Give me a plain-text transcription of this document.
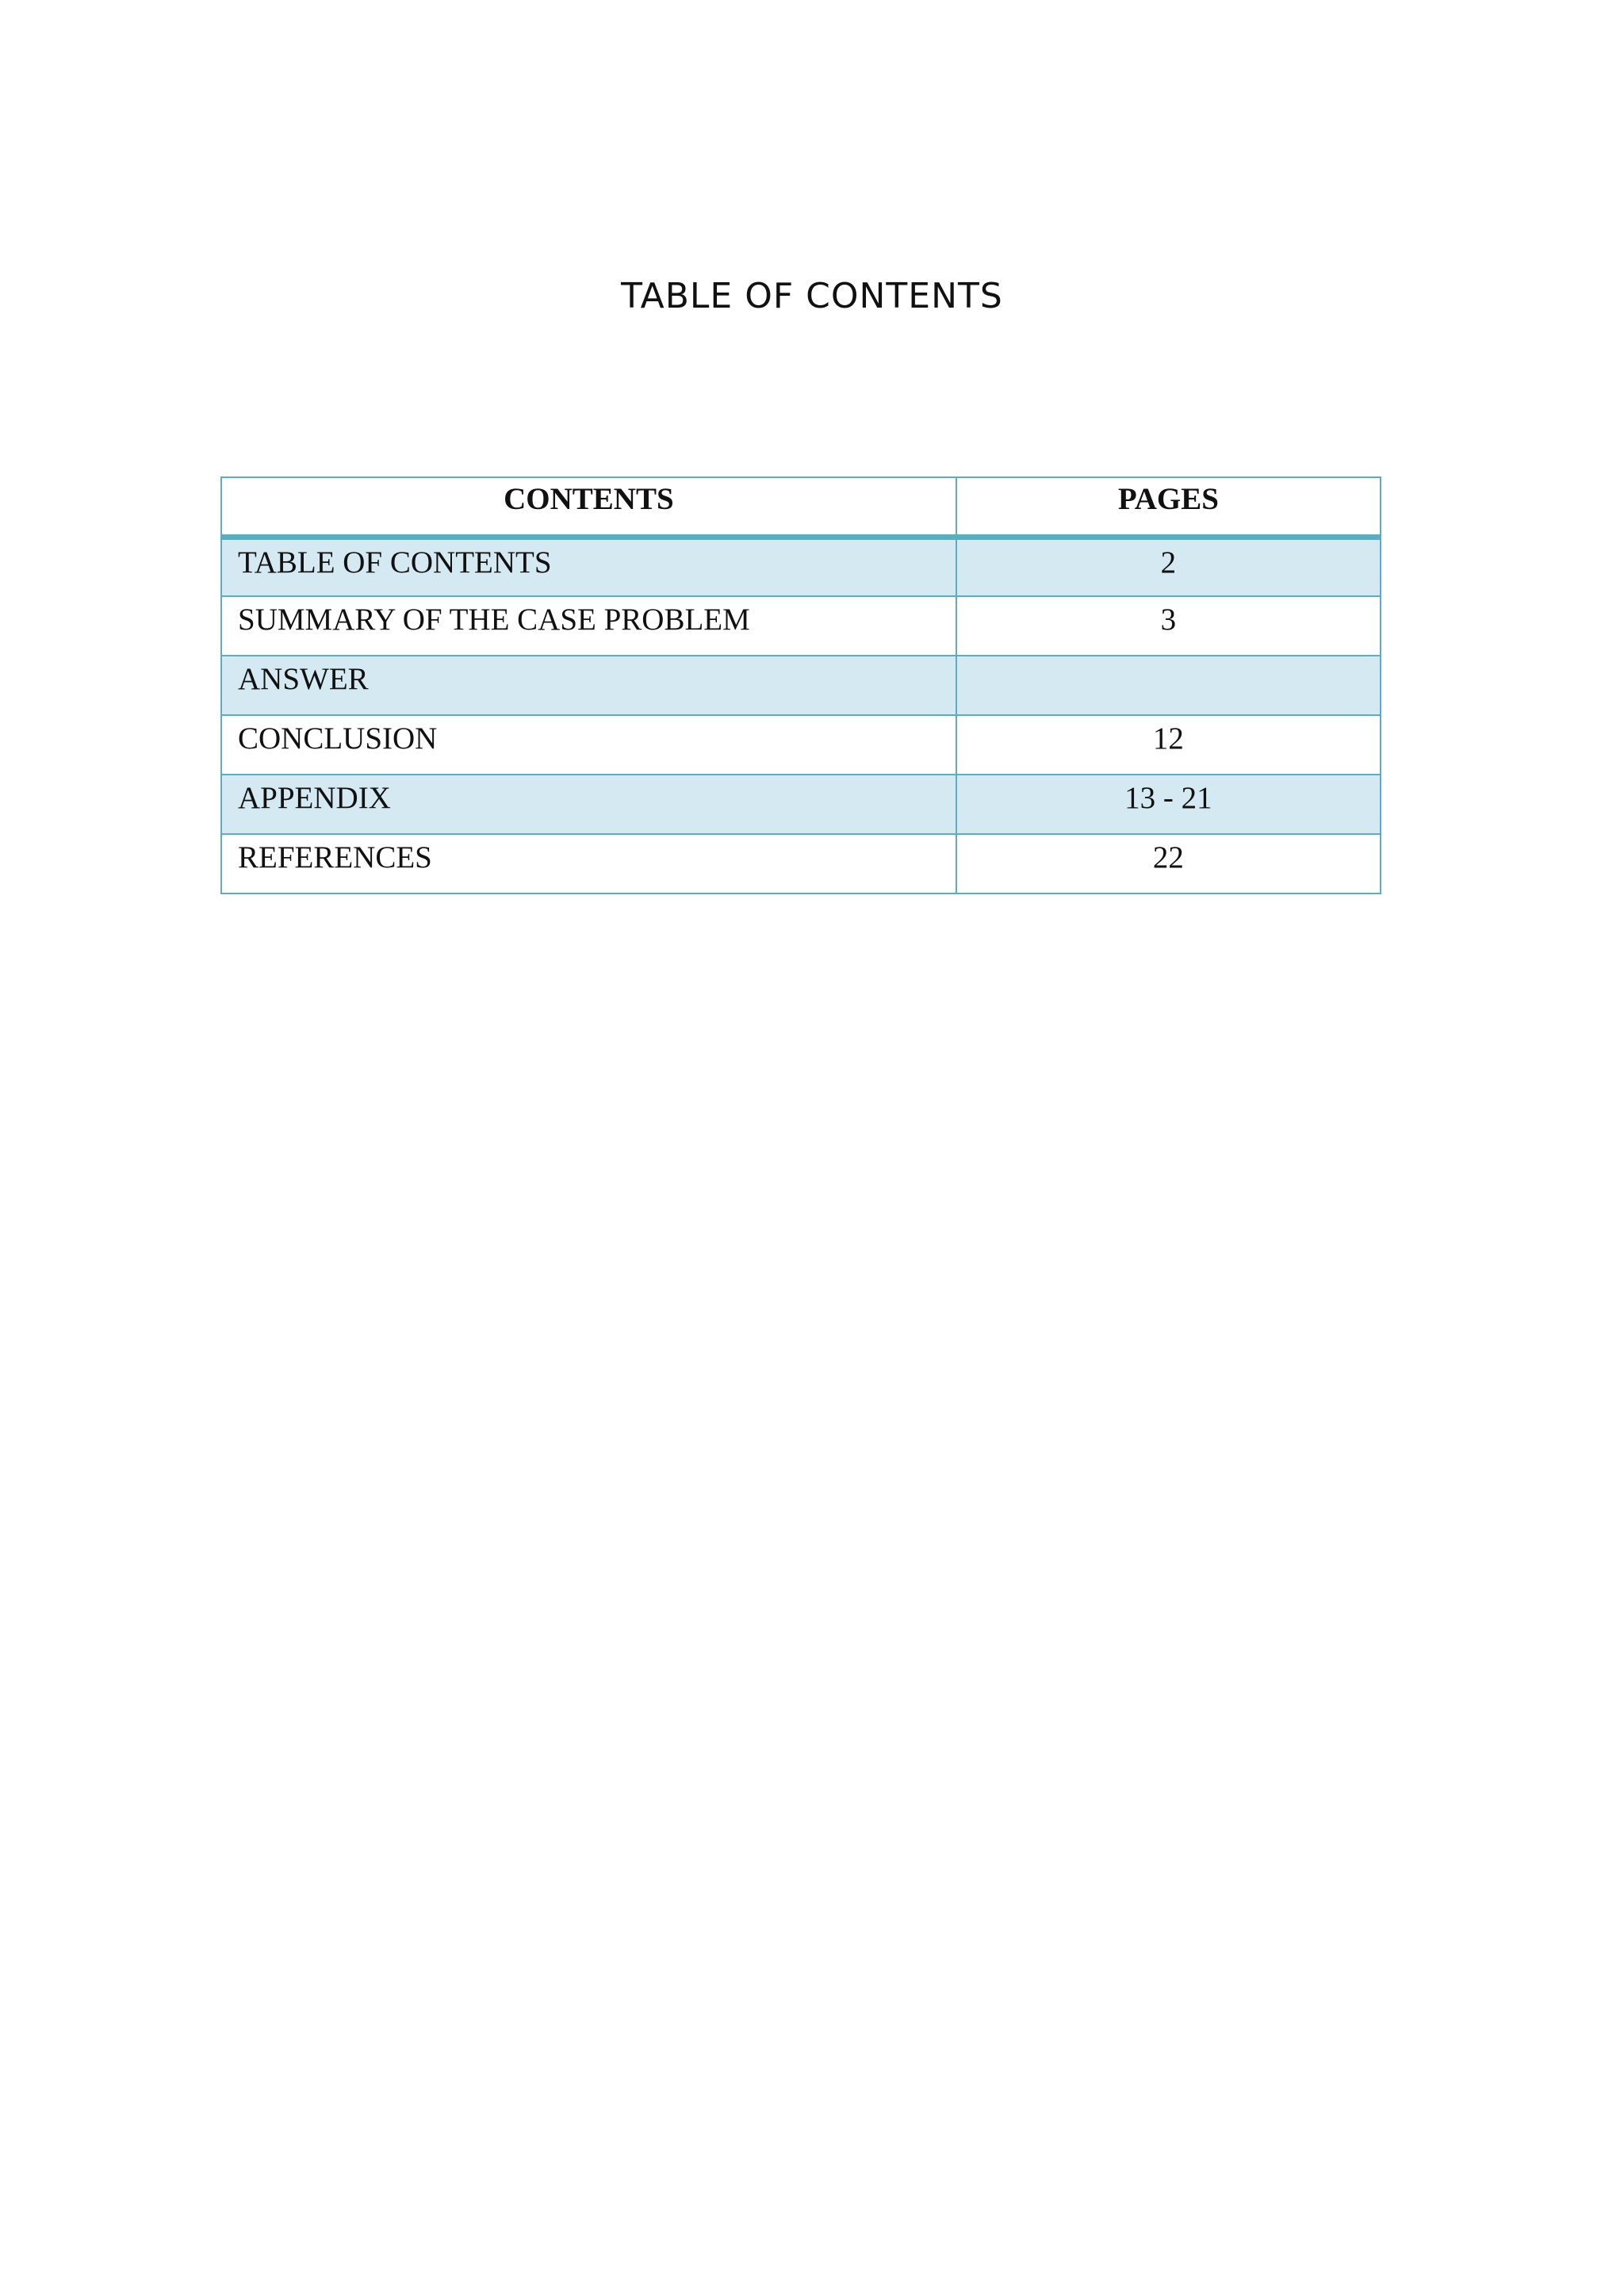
TABLE OF CONTENTS
CONTENTS	PAGES
TABLE OF CONTENTS	2
SUMMARY OF THE CASE PROBLEM	3
ANSWER	
CONCLUSION	12
APPENDIX	13 - 21
REFERENCES	22
